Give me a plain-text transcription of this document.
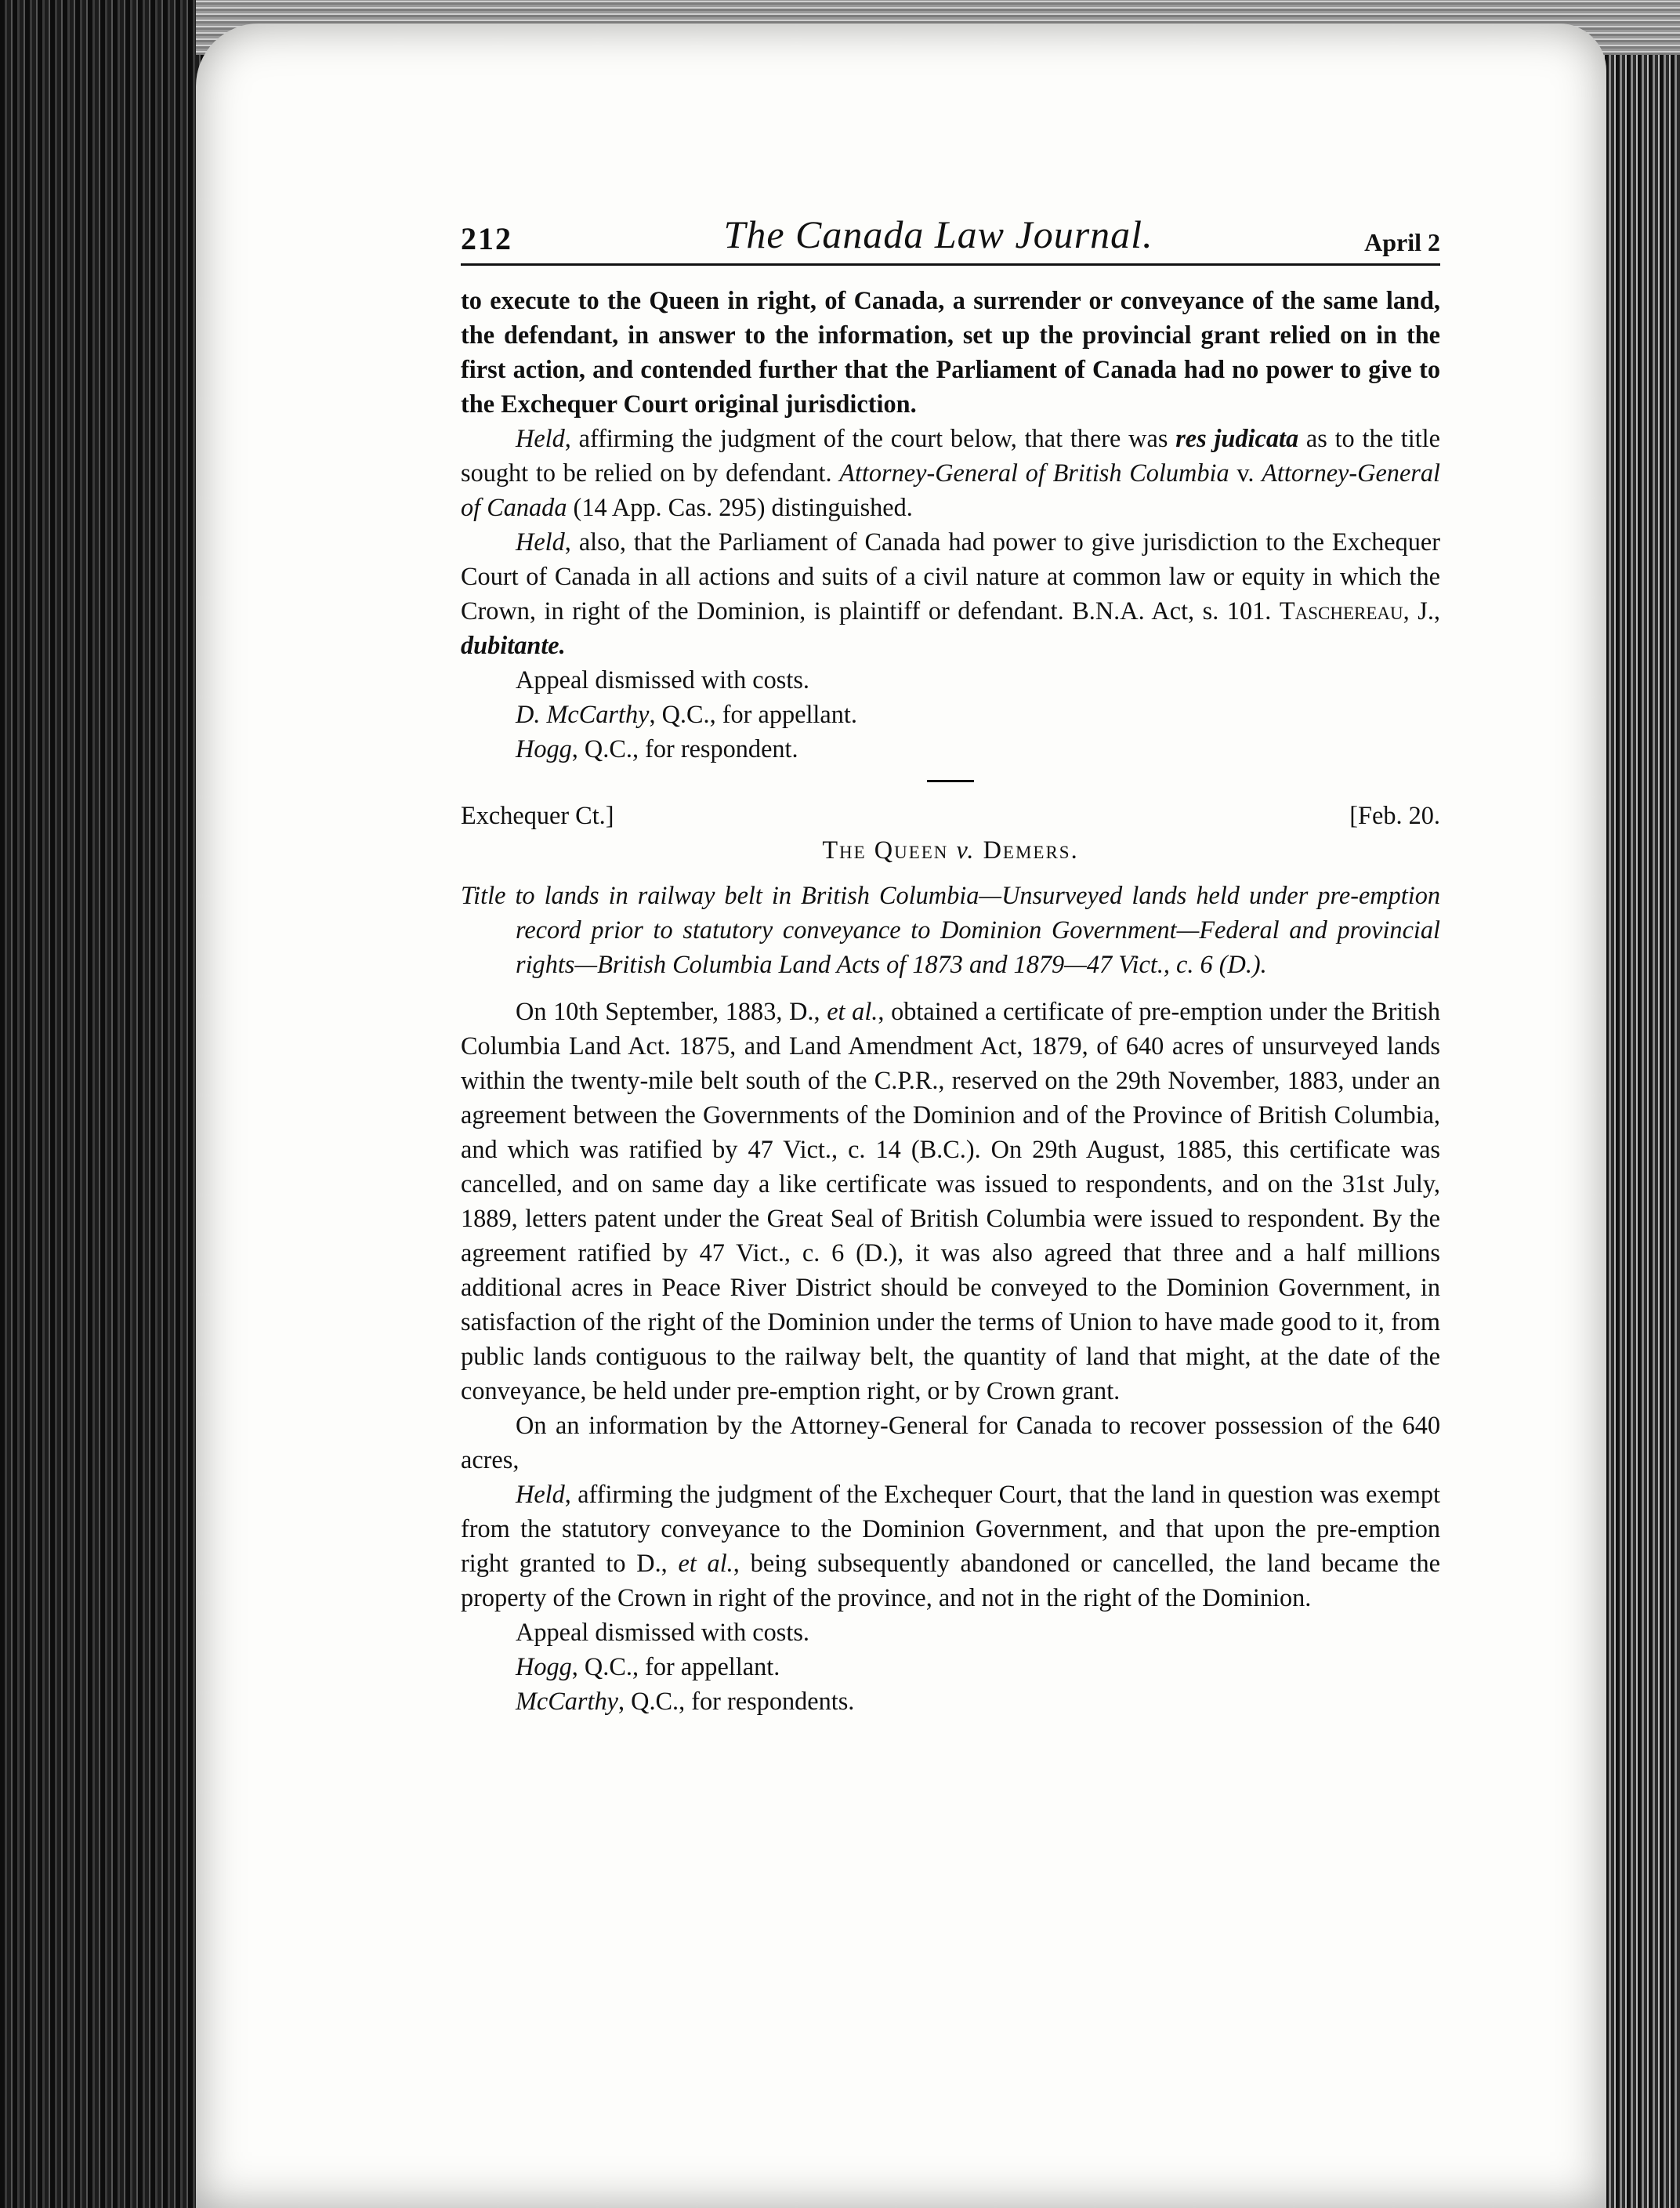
212	The Canada Law Journal.	April 2

to execute to the Queen in right, of Canada, a surrender or conveyance of the same land, the defendant, in answer to the information, set up the provincial grant relied on in the first action, and contended further that the Parliament of Canada had no power to give to the Exchequer Court original jurisdiction.

Held, affirming the judgment of the court below, that there was res judicata as to the title sought to be relied on by defendant. Attorney-General of British Columbia v. Attorney-General of Canada (14 App. Cas. 295) distinguished.

Held, also, that the Parliament of Canada had power to give jurisdiction to the Exchequer Court of Canada in all actions and suits of a civil nature at common law or equity in which the Crown, in right of the Dominion, is plaintiff or defendant. B.N.A. Act, s. 101. Taschereau, J., dubitante.

Appeal dismissed with costs.

D. McCarthy, Q.C., for appellant.

Hogg, Q.C., for respondent.

Exchequer Ct.]	[Feb. 20.
The Queen v. Demers.
Title to lands in railway belt in British Columbia—Unsurveyed lands held under pre-emption record prior to statutory conveyance to Dominion Government—Federal and provincial rights—British Columbia Land Acts of 1873 and 1879—47 Vict., c. 6 (D.).

On 10th September, 1883, D., et al., obtained a certificate of pre-emption under the British Columbia Land Act. 1875, and Land Amendment Act, 1879, of 640 acres of unsurveyed lands within the twenty-mile belt south of the C.P.R., reserved on the 29th November, 1883, under an agreement between the Governments of the Dominion and of the Province of British Columbia, and which was ratified by 47 Vict., c. 14 (B.C.). On 29th August, 1885, this certificate was cancelled, and on same day a like certificate was issued to respondents, and on the 31st July, 1889, letters patent under the Great Seal of British Columbia were issued to respondent. By the agreement ratified by 47 Vict., c. 6 (D.), it was also agreed that three and a half millions additional acres in Peace River District should be conveyed to the Dominion Government, in satisfaction of the right of the Dominion under the terms of Union to have made good to it, from public lands contiguous to the railway belt, the quantity of land that might, at the date of the conveyance, be held under pre-emption right, or by Crown grant.

On an information by the Attorney-General for Canada to recover possession of the 640 acres,

Held, affirming the judgment of the Exchequer Court, that the land in question was exempt from the statutory conveyance to the Dominion Government, and that upon the pre-emption right granted to D., et al., being subsequently abandoned or cancelled, the land became the property of the Crown in right of the province, and not in the right of the Dominion.

Appeal dismissed with costs.

Hogg, Q.C., for appellant.

McCarthy, Q.C., for respondents.
